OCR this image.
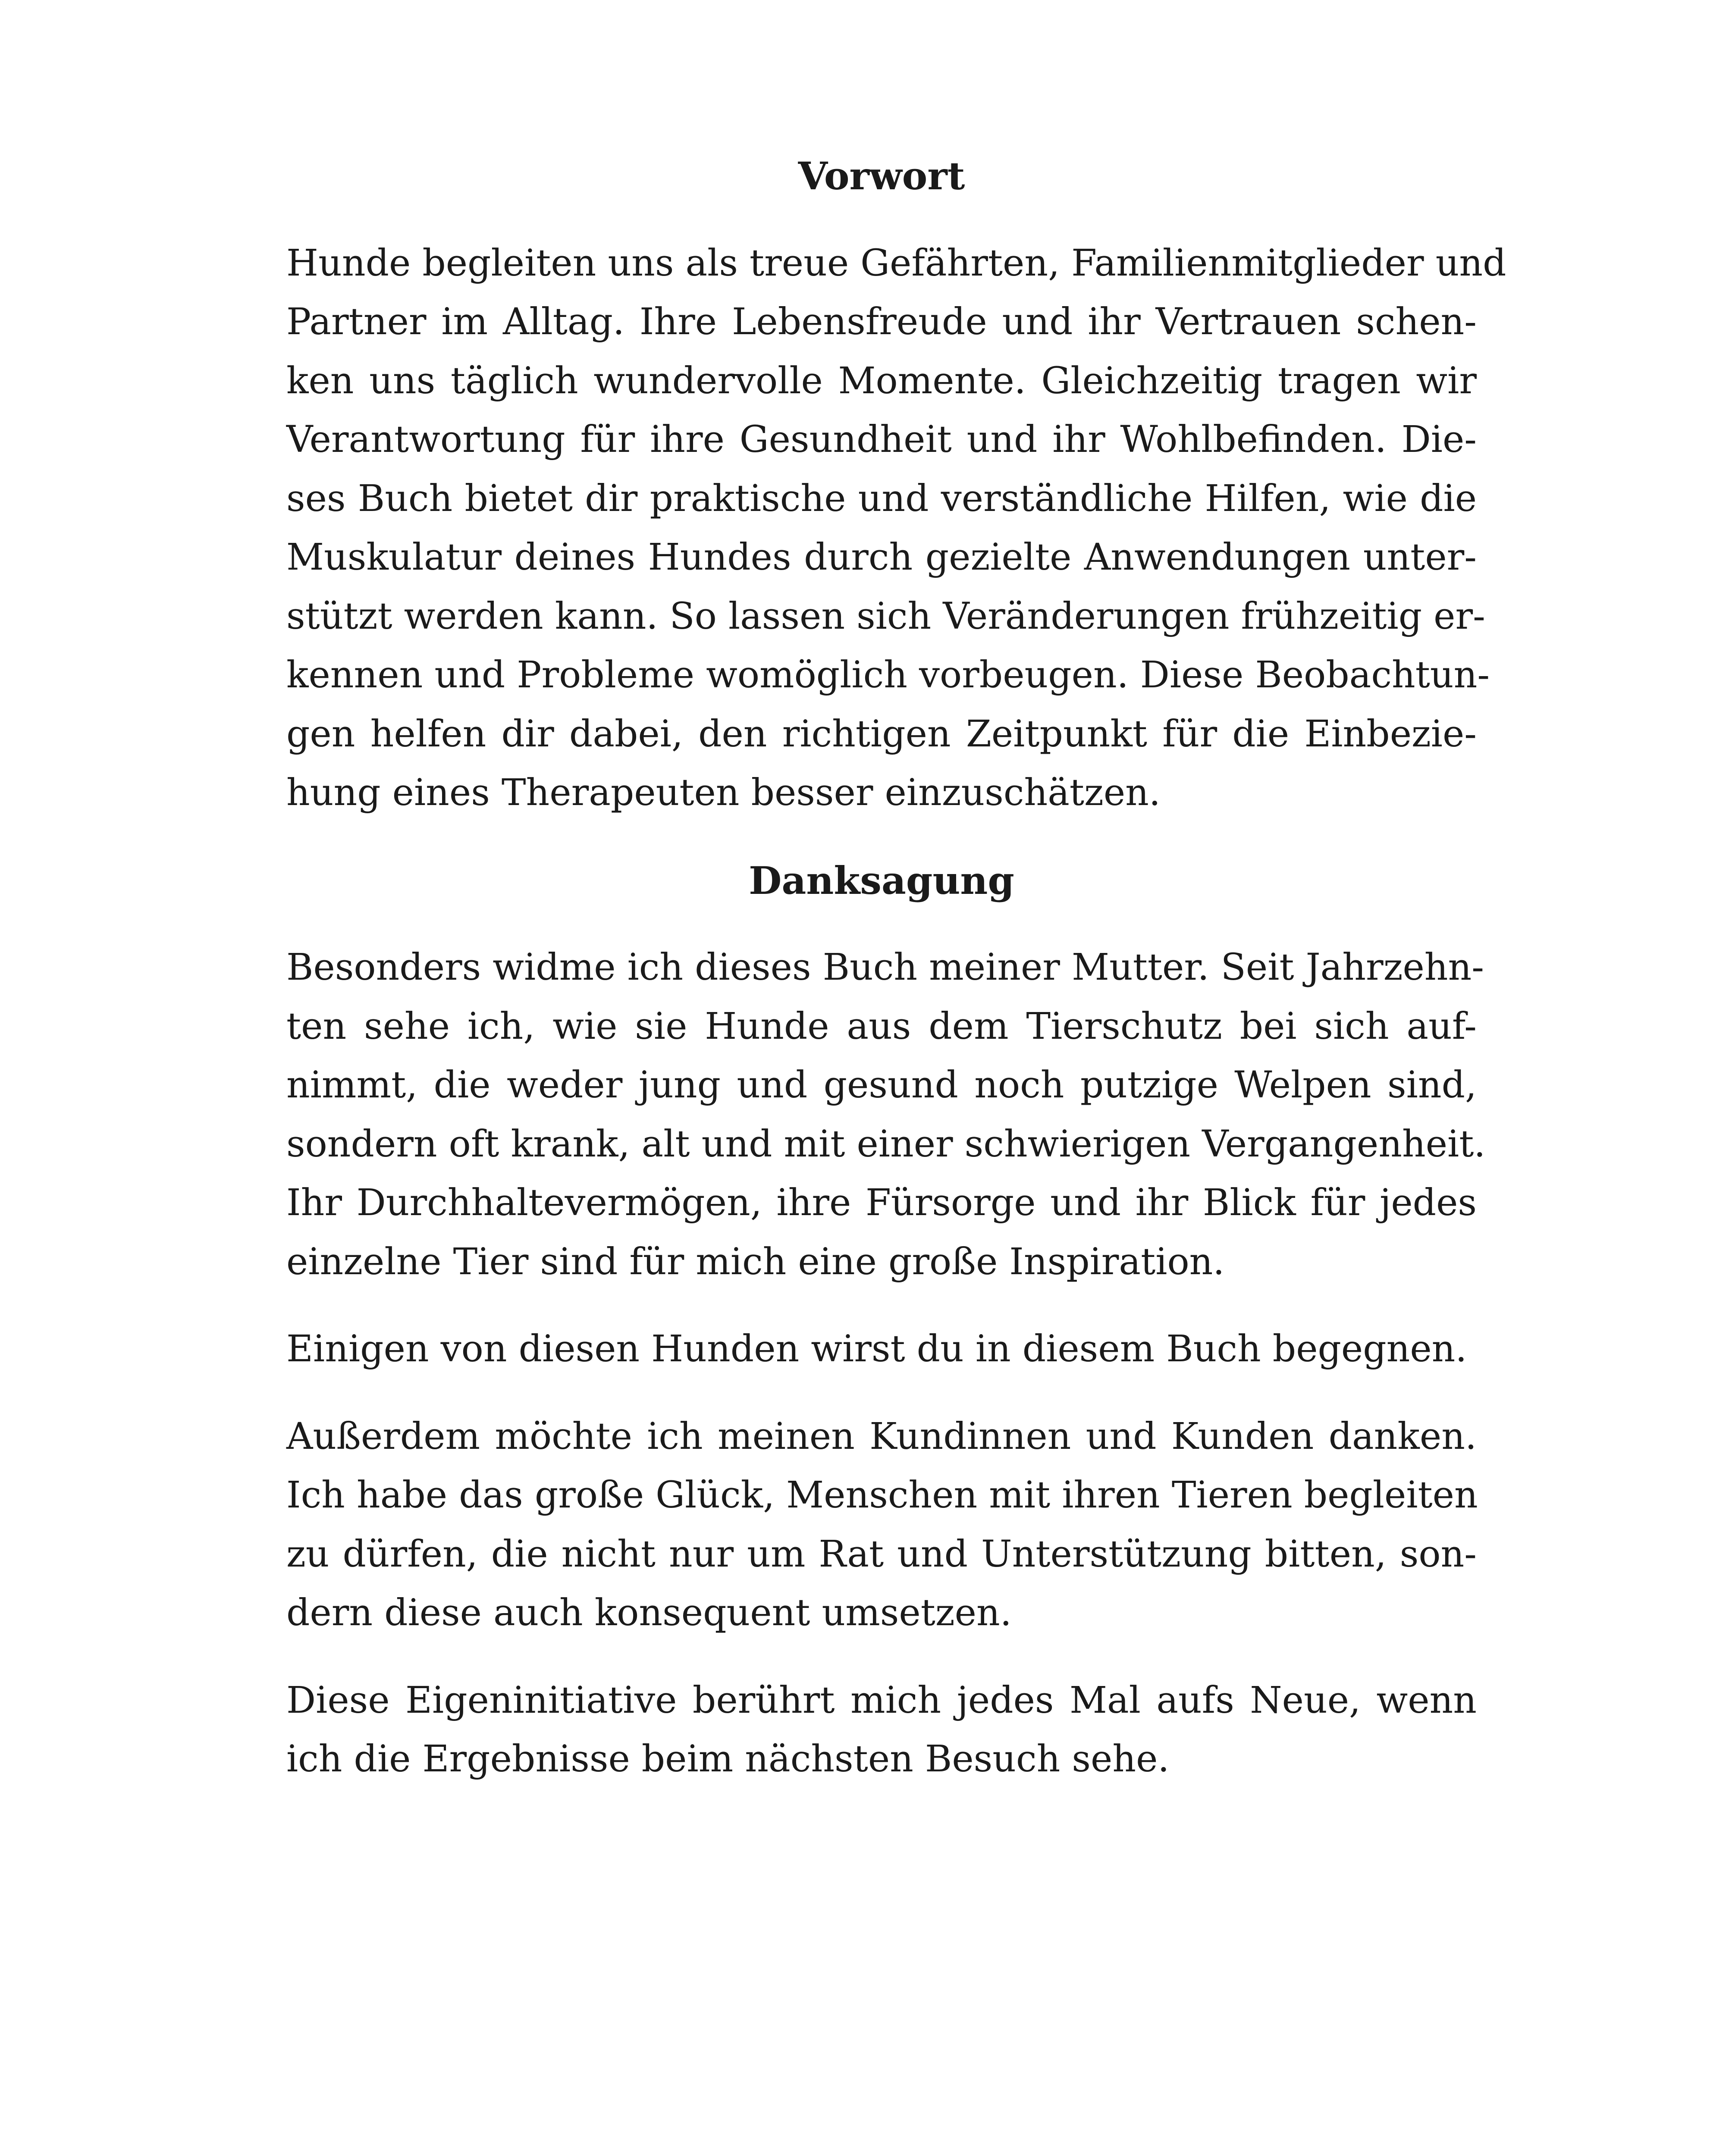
Vorwort

Hunde begleiten uns als treue Gefährten, Familienmitglieder und
Partner im Alltag. Ihre Lebensfreude und ihr Vertrauen schen-
ken uns täglich wundervolle Momente. Gleichzeitig tragen wir
Verantwortung für ihre Gesundheit und ihr Wohlbefinden. Die-
ses Buch bietet dir praktische und verständliche Hilfen, wie die
Muskulatur deines Hundes durch gezielte Anwendungen unter-
stützt werden kann. So lassen sich Veränderungen frühzeitig er-
kennen und Probleme womöglich vorbeugen. Diese Beobachtun-
gen helfen dir dabei, den richtigen Zeitpunkt für die Einbezie-
hung eines Therapeuten besser einzuschätzen.

Danksagung

Besonders widme ich dieses Buch meiner Mutter. Seit Jahrzehn-
ten sehe ich, wie sie Hunde aus dem Tierschutz bei sich auf-
nimmt, die weder jung und gesund noch putzige Welpen sind,
sondern oft krank, alt und mit einer schwierigen Vergangenheit.
Ihr Durchhaltevermögen, ihre Fürsorge und ihr Blick für jedes
einzelne Tier sind für mich eine große Inspiration.

Einigen von diesen Hunden wirst du in diesem Buch begegnen.

Außerdem möchte ich meinen Kundinnen und Kunden danken.
Ich habe das große Glück, Menschen mit ihren Tieren begleiten
zu dürfen, die nicht nur um Rat und Unterstützung bitten, son-
dern diese auch konsequent umsetzen.

Diese Eigeninitiative berührt mich jedes Mal aufs Neue, wenn
ich die Ergebnisse beim nächsten Besuch sehe.
